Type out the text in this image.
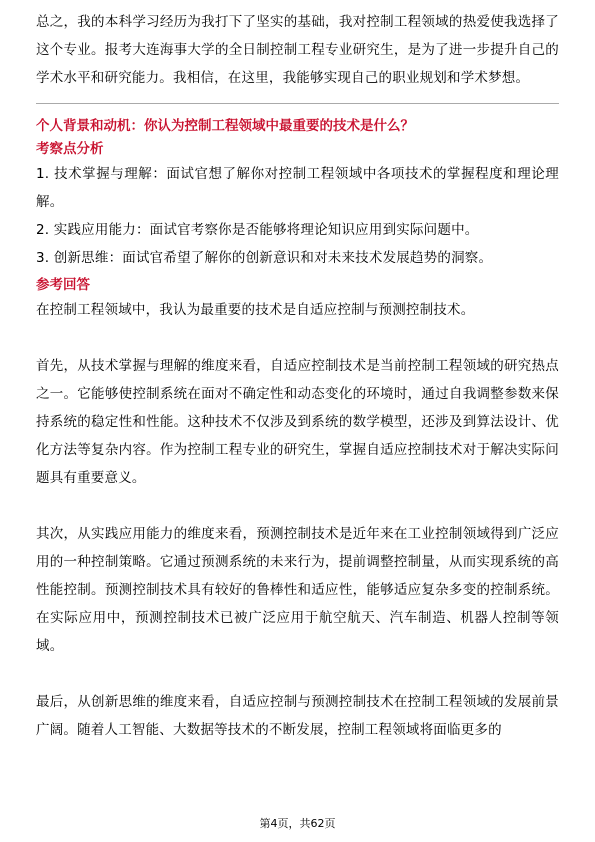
总之，我的本科学习经历为我打下了坚实的基础，我对控制工程领域的热爱使我选择了这个专业。报考大连海事大学的全日制控制工程专业研究生，是为了进一步提升自己的学术水平和研究能力。我相信，在这里，我能够实现自己的职业规划和学术梦想。

个人背景和动机：你认为控制工程领域中最重要的技术是什么？

考察点分析

1. 技术掌握与理解：面试官想了解你对控制工程领域中各项技术的掌握程度和理论理解。

2. 实践应用能力：面试官考察你是否能够将理论知识应用到实际问题中。

3. 创新思维：面试官希望了解你的创新意识和对未来技术发展趋势的洞察。

参考回答

在控制工程领域中，我认为最重要的技术是自适应控制与预测控制技术。

首先，从技术掌握与理解的维度来看，自适应控制技术是当前控制工程领域的研究热点之一。它能够使控制系统在面对不确定性和动态变化的环境时，通过自我调整参数来保持系统的稳定性和性能。这种技术不仅涉及到系统的数学模型，还涉及到算法设计、优化方法等复杂内容。作为控制工程专业的研究生，掌握自适应控制技术对于解决实际问题具有重要意义。

其次，从实践应用能力的维度来看，预测控制技术是近年来在工业控制领域得到广泛应用的一种控制策略。它通过预测系统的未来行为，提前调整控制量，从而实现系统的高性能控制。预测控制技术具有较好的鲁棒性和适应性，能够适应复杂多变的控制系统。在实际应用中，预测控制技术已被广泛应用于航空航天、汽车制造、机器人控制等领域。

最后，从创新思维的维度来看，自适应控制与预测控制技术在控制工程领域的发展前景广阔。随着人工智能、大数据等技术的不断发展，控制工程领域将面临更多的

第4页，共62页
